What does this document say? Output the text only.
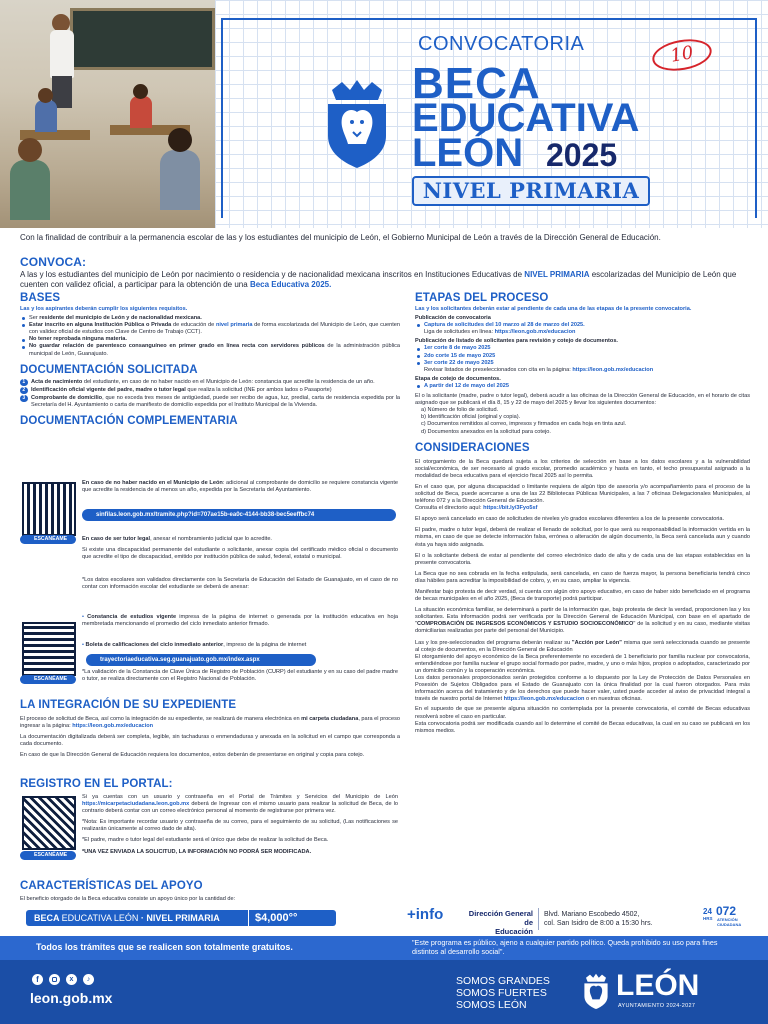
CONVOCATORIA	10
BECA
EDUCATIVA
LEÓN 2025
NIVEL PRIMARIA
Con la finalidad de contribuir a la permanencia escolar de las y los estudiantes del municipio de León, el Gobierno Municipal de León a través de la Dirección General de Educación.
CONVOCA:
A las y los estudiantes del municipio de León por nacimiento o residencia y de nacionalidad mexicana inscritos en Instituciones Educativas de NIVEL PRIMARIA escolarizadas del Municipio de León que cuenten con validez oficial, a participar para la obtención de una Beca Educativa 2025.
BASES
Las y los aspirantes deberán cumplir los siguientes requisitos.
Ser residente del municipio de León y de nacionalidad mexicana.
Estar inscrito en alguna Institución Pública o Privada de educación de nivel primaria de forma escolarizada del Municipio de León, que cuenten con validez oficial de estudios con Clave de Centro de Trabajo (CCT).
No tener reprobada ninguna materia.
No guardar relación de parentesco consanguíneo en primer grado en línea recta con servidores públicos de la administración pública municipal de León, Guanajuato.
DOCUMENTACIÓN SOLICITADA
1	Acta de nacimiento del estudiante, en caso de no haber nacido en el Municipio de León: constancia que acredite la residencia de un año.
2	Identificación oficial vigente del padre, madre o tutor legal que realiza la solicitud (INE por ambos lados o Pasaporte)
3	Comprobante de domicilio, que no exceda tres meses de antigüedad, puede ser recibo de agua, luz, predial, carta de residencia expedida por la Secretaría del H. Ayuntamiento o carta de manifiesto de domicilio expedida por el Instituto Municipal de la Vivienda.
DOCUMENTACIÓN COMPLEMENTARIA
ESCANÉAME
En caso de no haber nacido en el Municipio de León: adicional al comprobante de domicilio se requiere constancia vigente que acredite la residencia de al menos un año, expedida por la Secretaría del Ayuntamiento.
sinfilas.leon.gob.mx/tramite.php?id=707ae15b-ea0c-4144-bb38-bec5eeffbc74
En caso de ser tutor legal, anexar el nombramiento judicial que lo acredite.
Si existe una discapacidad permanente del estudiante o solicitante, anexar copia del certificado médico oficial o documento que acredite el tipo de discapacidad, emitido por institución pública de salud, federal, estatal o municipal.
*Los datos escolares son validados directamente con la Secretaría de Educación del Estado de Guanajuato, en el caso de no contar con información escolar del estudiante se deberá de anexar:
ESCANÉAME
• Constancia de estudios vigente impresa de la página de internet o generada por la institución educativa en hoja membretada mencionando el promedio del ciclo inmediato anterior firmado.
• Boleta de calificaciones del ciclo inmediato anterior, impreso de la página de internet
trayectoriaeducativa.seg.guanajuato.gob.mx/index.aspx
*La validación de la Constancia de Clave Única de Registro de Población (CURP) del estudiante y en su caso del padre madre o tutor, se realiza directamente con el Registro Nacional de Población.
LA INTEGRACIÓN DE SU EXPEDIENTE
El proceso de solicitud de Beca, así como la integración de su expediente, se realizará de manera electrónica en mi carpeta ciudadana, para el proceso ingresar a la página: https://leon.gob.mx/educacion
La documentación digitalizada deberá ser completa, legible, sin tachaduras o enmendaduras y anexada en la solicitud en el campo que corresponda a cada documento.
En caso de que la Dirección General de Educación requiera los documentos, estos deberán de presentarse en original y copia para cotejo.
REGISTRO EN EL PORTAL:
ESCANÉAME
Si ya cuentas con un usuario y contraseña en el Portal de Trámites y Servicios del Municipio de León https://micarpetaciudadana.leon.gob.mx deberá de Ingresar con el mismo usuario para realizar la solicitud de Beca, de lo contrario deberá contar con un correo electrónico personal al momento de registrarse por primera vez.
*Nota: Es importante recordar usuario y contraseña de su correo, para el seguimiento de su solicitud, (Las notificaciones se realizarán únicamente al correo dado de alta).
*El padre, madre o tutor legal del estudiante será el único que debe de realizar la solicitud de Beca.
*UNA VEZ ENVIADA LA SOLICITUD, LA INFORMACIÓN NO PODRÁ SER MODIFICADA.
CARACTERÍSTICAS DEL APOYO
El beneficio otorgado de la Beca educativa consiste un apoyo único por la cantidad de:
BECA EDUCATIVA LEÓN · NIVEL PRIMARIA	$4,000°°
ETAPAS DEL PROCESO
Las y los solicitantes deberán estar al pendiente de cada una de las etapas de la presente convocatoria.
Publicación de convocatoria
Captura de solicitudes del 10 marzo al 28 de marzo del 2025.
Liga de solicitudes en línea: https://leon.gob.mx/educacion
Publicación de listado de solicitantes para revisión y cotejo de documentos.
1er corte 8 de mayo 2025
2do corte 15 de mayo 2025
3er corte 22 de mayo 2025
Revisar listados de preseleccionados con cita en la página: https://leon.gob.mx/educacion
Etapa de cotejo de documentos.
A partir del 12 de mayo del 2025
El o la solicitante (madre, padre o tutor legal), deberá acudir a las oficinas de la Dirección General de Educación, en el horario de citas asignado que se publicará el día 8, 15 y 22 de mayo del 2025 y llevar los siguientes documentos:
a) Número de folio de solicitud.
b) Identificación oficial (original y copia).
c) Documentos remitidos al correo, impresos y firmados en cada hoja en tinta azul.
d) Documentos anexados en la solicitud para cotejo.
CONSIDERACIONES
El otorgamiento de la Beca quedará sujeta a los criterios de selección en base a los datos escolares y a la vulnerabilidad social/económica, de ser necesario al grado escolar, promedio académico y hasta en tanto, el techo presupuestal asignado a la modalidad de beca educativa para el ejercicio fiscal 2025 así lo permita.
En el caso que, por alguna discapacidad o limitante requiera de algún tipo de asesoría y/o acompañamiento para el proceso de la solicitud de Beca, puede acercarse a una de las 22 Bibliotecas Públicas Municipales, a las 7 oficinas Delegacionales Municipales, al teléfono 072 y a la Dirección General de Educación.
Consulta el directorio aquí: https://bit.ly/3Fyo5sf
El apoyo será cancelado en caso de solicitudes de niveles y/o grados escolares diferentes a los de la presente convocatoria.
El padre, madre o tutor legal, deberá de realizar el llenado de solicitud, por lo que será su responsabilidad la información vertida en la misma, en caso de que se detecte información falsa, errónea o alteración de algún documento, la Beca será cancelada aun y cuando ésta ya haya sido asignada.
El o la solicitante deberá de estar al pendiente del correo electrónico dado de alta y de cada una de las etapas establecidas en la presente convocatoria.
La Beca que no sea cobrada en la fecha estipulada, será cancelada, en caso de fuerza mayor, la persona beneficiaria tendrá cinco días hábiles para acreditar la imposibilidad de cobro, y, en su caso, ampliar la vigencia.
Manifestar bajo protesta de decir verdad, si cuenta con algún otro apoyo educativo, en caso de haber sido beneficiado en el programa de becas municipales en el año 2025, (Beca de transporte) podrá participar.
La situación económica familiar, se determinará a partir de la información que, bajo protesta de decir la verdad, proporcionen las y los solicitantes. Esta información podrá ser verificada por la Dirección General de Educación Municipal, con base en el apartado de "COMPROBACIÓN DE INGRESOS ECONÓMICOS Y ESTUDIO SOCIOECONÓMICO" de la solicitud y en su caso, mediante visitas domiciliarias realizadas por parte del personal del Municipio.
Las y los pre-seleccionados del programa deberán realizar su "Acción por León" misma que será seleccionada cuando se presente al cotejo de documentos, en la Dirección General de Educación
El otorgamiento del apoyo económico de la Beca preferentemente no excederá de 1 beneficiario por familia nuclear por convocatoria, entendiéndose por familia nuclear el grupo social formado por padre, madre, y uno o más hijos, propios o adoptados, caracterizado por un domicilio común y la cooperación económica.
Los datos personales proporcionados serán protegidos conforme a lo dispuesto por la Ley de Protección de Datos Personales en Posesión de Sujetos Obligados para el Estado de Guanajuato con la única finalidad por la cual fueron otorgados. Para más información acerca del tratamiento y de los derechos que puede hacer valer, usted puede acceder al aviso de privacidad integral a través de nuestro portal de Internet https://leon.gob.mx/educacion o en nuestras oficinas.
En el supuesto de que se presente alguna situación no contemplada por la presente convocatoria, el comité de Becas educativas resolverá sobre el caso en particular.
Esta convocatoria podrá ser modificada cuando así lo determine el comité de Becas educativas, la cual en su caso se publicará en los mismos medios.
+info	Dirección General de
Educación
Blvd. Mariano Escobedo 4502,
col. San Isidro de 8:00 a 15:30 hrs.
24
HRS
072
ATENCIÓN
CIUDADANA
Todos los trámites que se realicen son totalmente gratuitos.	"Este programa es público, ajeno a cualquier partido político. Queda prohibido su uso para fines distintos al desarrollo social".
f	x	♪
leon.gob.mx
SOMOS GRANDES
SOMOS FUERTES
SOMOS LEÓN
LEÓN
AYUNTAMIENTO 2024-2027
